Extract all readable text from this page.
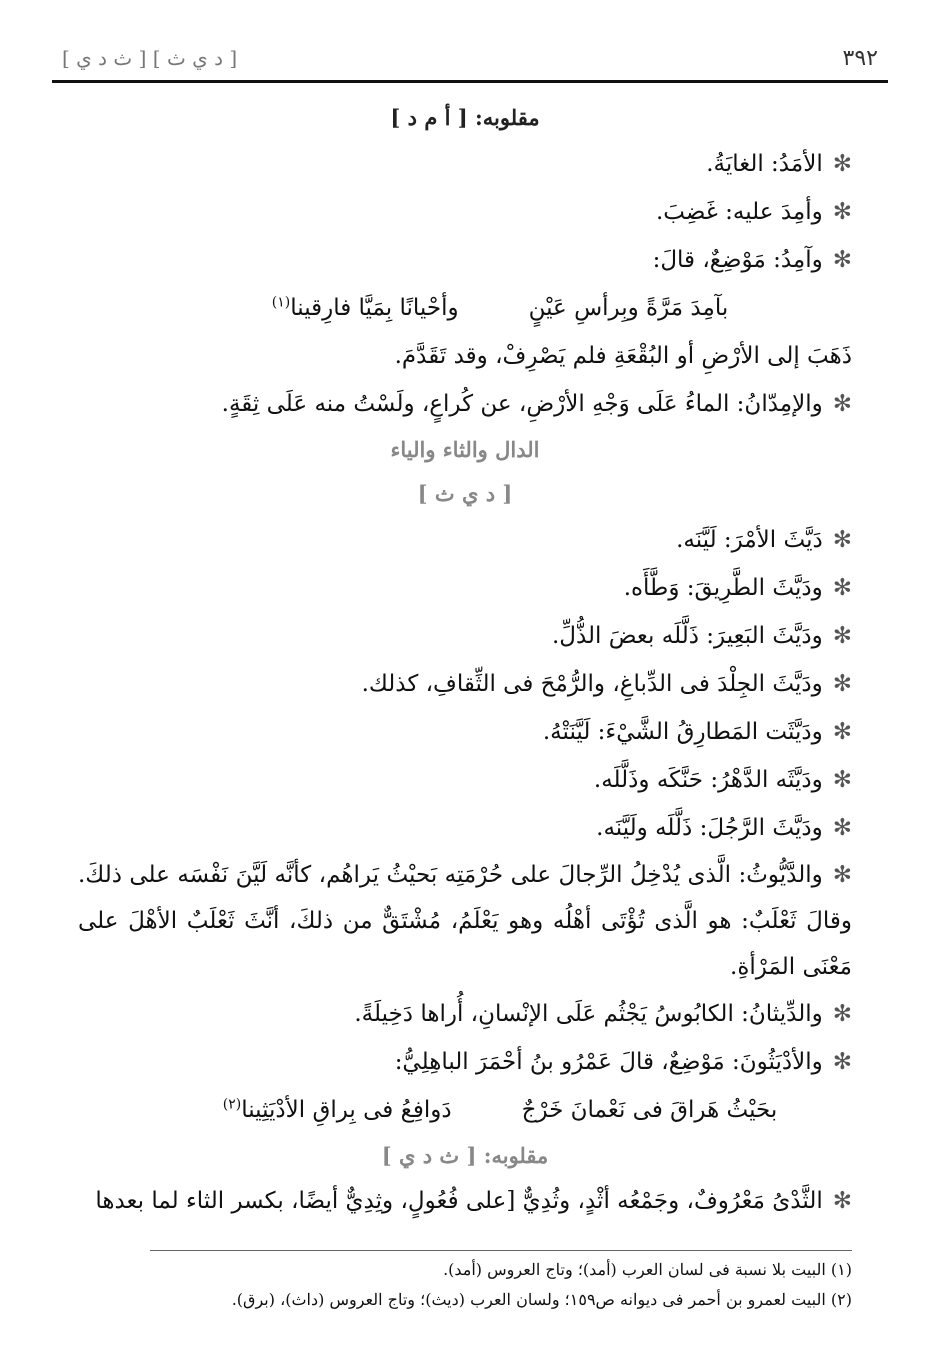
[ د ي ث ] [ ث د ي ]	٣٩٢
مقلوبه: [ أ م د ]
✻الأمَدُ: الغايَةُ.
✻وأمِدَ عليه: غَضِبَ.
✻وآمِدُ: مَوْضِعٌ، قالَ:
بآمِدَ مَرَّةً وبِرأسِ عَيْنٍ
وأحْيانًا بِمَيَّا فارِقينا$^{(١)}$
ذَهَبَ إلى الأرْضِ أو البُقْعَةِ فلم يَصْرِفْ، وقد تَقَدَّمَ.
✻والإمِدّانُ: الماءُ عَلَى وَجْهِ الأرْضِ، عن كُراعٍ، ولَسْتُ منه عَلَى ثِقَةٍ.
الدال والثاء والياء
[ د ي ث ]
✻دَيَّثَ الأمْرَ: لَيَّنَه.
✻ودَيَّثَ الطَّرِيقَ: وَطَّأَه.
✻ودَيَّثَ البَعِيرَ: ذَلَّلَه بعضَ الذُّلِّ.
✻ودَيَّثَ الجِلْدَ فى الدِّباغِ، والرُّمْحَ فى الثِّقافِ، كذلك.
✻ودَيَّثَت المَطارِقُ الشَّيْءَ: لَيَّنَتْهُ.
✻ودَيَّثَه الدَّهْرُ: حَنَّكَه وذَلَّلَه.
✻ودَيَّثَ الرَّجُلَ: ذَلَّلَه ولَيَّنَه.
✻والدَّيُّوثُ: الَّذى يُدْخِلُ الرِّجالَ على حُرْمَتِه بَحيْثُ يَراهُم، كأنَّه لَيَّنَ نَفْسَه على ذلكَ. وقالَ ثَعْلَبٌ: هو الَّذى تُؤْتَى أهْلُه وهو يَعْلَمُ، مُشْتَقٌّ من ذلكَ، أنَّثَ ثَعْلَبٌ الأهْلَ على مَعْنَى المَرْأةِ.
✻والدِّيثانُ: الكابُوسُ يَجْثُم عَلَى الإنْسانِ، أُراها دَخِيلَةً.
✻والأدْيَثُونَ: مَوْضِعٌ، قالَ عَمْرُو بنُ أحْمَرَ الباهِلِيُّ:
بحَيْثُ هَراقَ فى نَعْمانَ خَرْجٌ
دَوافِعُ فى بِراقِ الأدْيَثِينا$^{(٢)}$
مقلوبه: [ ث د ي ]
✻الثَّدْىُ مَعْرُوفٌ، وجَمْعُه أثْدٍ، وثُدِيٌّ [على فُعُولٍ، وثِدِيٌّ أيضًا، بكسر الثاء لما بعدها
(١) البيت بلا نسبة فى لسان العرب (أمد)؛ وتاج العروس (أمد).
(٢) البيت لعمرو بن أحمر فى ديوانه ص١٥٩؛ ولسان العرب (ديث)؛ وتاج العروس (داث)، (برق).
